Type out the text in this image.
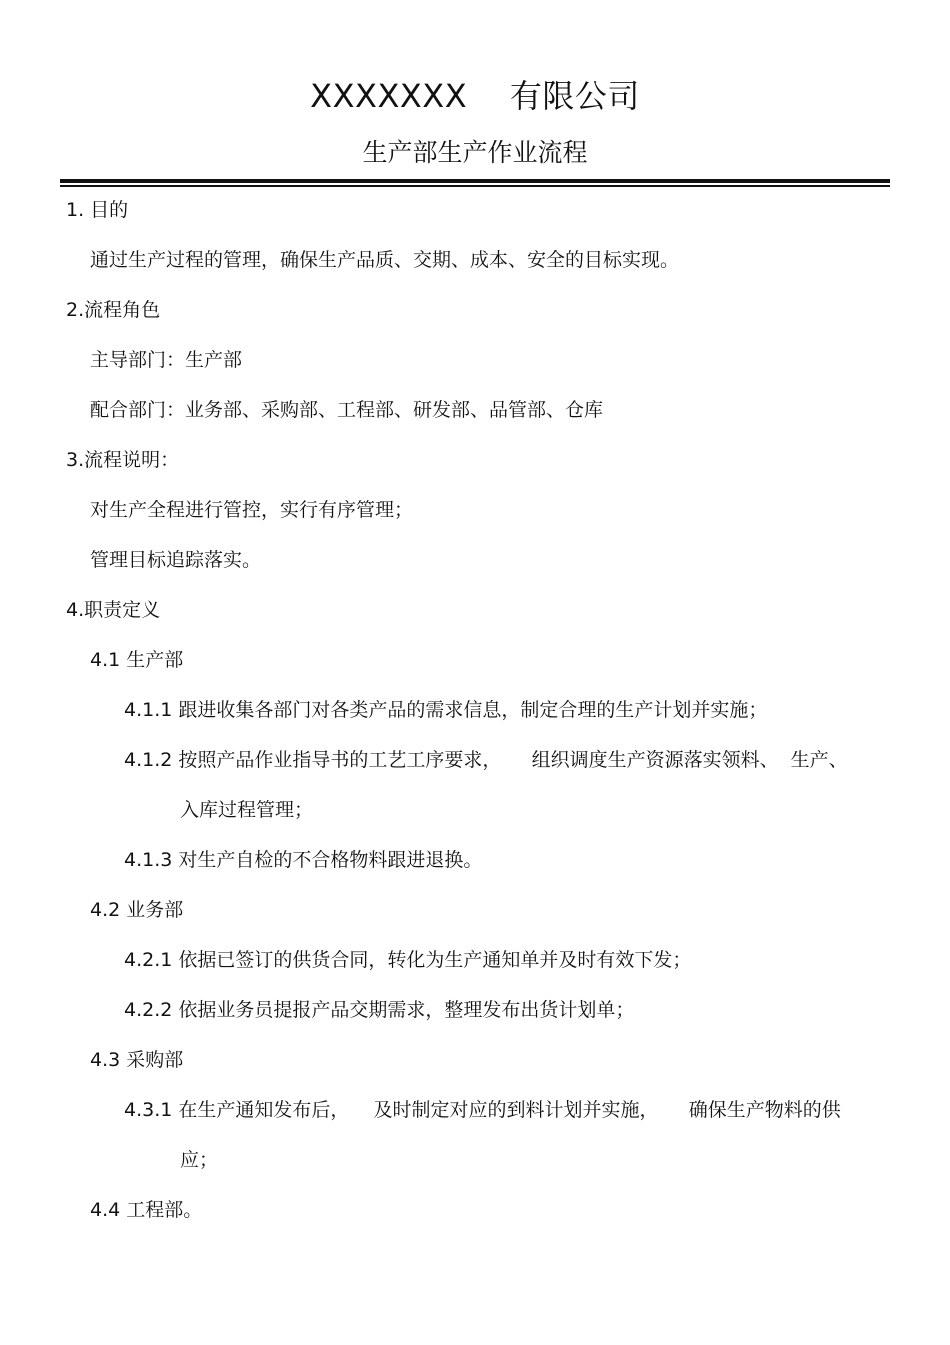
XXXXXXX    有限公司
生产部生产作业流程
1. 目的
通过生产过程的管理，确保生产品质、交期、成本、安全的目标实现。
2.流程角色
主导部门：生产部
配合部门：业务部、采购部、工程部、研发部、品管部、仓库
3.流程说明：
对生产全程进行管控，实行有序管理；
管理目标追踪落实。
4.职责定义
4.1 生产部
4.1.1 跟进收集各部门对各类产品的需求信息，制定合理的生产计划并实施；
4.1.2 按照产品作业指导书的工艺工序要求，     组织调度生产资源落实领料、  生产、
入库过程管理；
4.1.3 对生产自检的不合格物料跟进退换。
4.2 业务部
4.2.1 依据已签订的供货合同，转化为生产通知单并及时有效下发；
4.2.2 依据业务员提报产品交期需求，整理发布出货计划单；
4.3 采购部
4.3.1 在生产通知发布后，    及时制定对应的到料计划并实施，     确保生产物料的供
应；
4.4 工程部。
